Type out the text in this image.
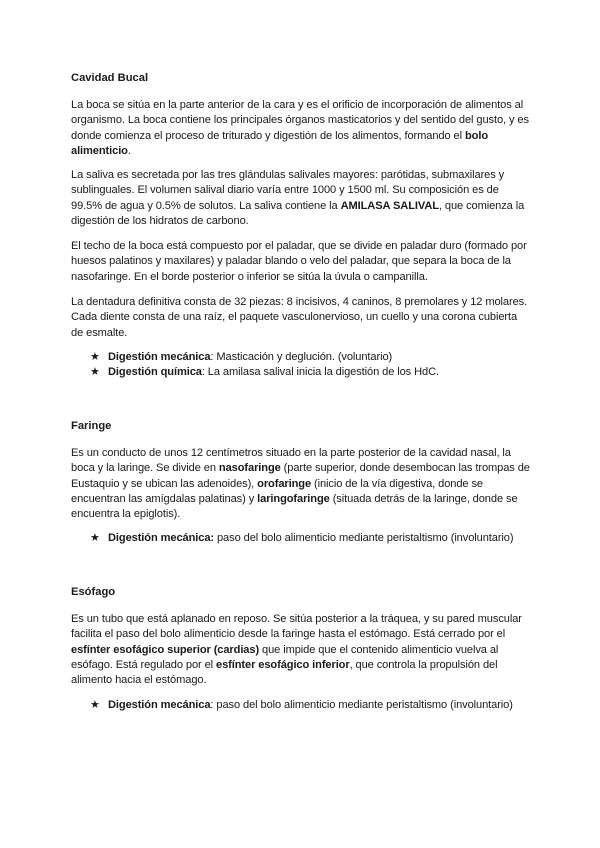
Cavidad Bucal

La boca se sitúa en la parte anterior de la cara y es el orificio de incorporación de alimentos al organismo. La boca contiene los principales órganos masticatorios y del sentido del gusto, y es donde comienza el proceso de triturado y digestión de los alimentos, formando el bolo alimenticio.

La saliva es secretada por las tres glándulas salivales mayores: parótidas, submaxilares y sublinguales. El volumen salival diario varía entre 1000 y 1500 ml. Su composición es de 99.5% de agua y 0.5% de solutos. La saliva contiene la AMILASA SALIVAL, que comienza la digestión de los hidratos de carbono.

El techo de la boca está compuesto por el paladar, que se divide en paladar duro (formado por huesos palatinos y maxilares) y paladar blando o velo del paladar, que separa la boca de la nasofaringe. En el borde posterior o inferior se sitúa la úvula o campanilla.

La dentadura definitiva consta de 32 piezas: 8 incisivos, 4 caninos, 8 premolares y 12 molares. Cada diente consta de una raíz, el paquete vasculonervioso, un cuello y una corona cubierta de esmalte.

★ Digestión mecánica: Masticación y deglución. (voluntario)
★ Digestión química: La amilasa salival inicia la digestión de los HdC.
Faringe

Es un conducto de unos 12 centímetros situado en la parte posterior de la cavidad nasal, la boca y la laringe. Se divide en nasofaringe (parte superior, donde desembocan las trompas de Eustaquio y se ubican las adenoides), orofaringe (inicio de la vía digestiva, donde se encuentran las amígdalas palatinas) y laringofaringe (situada detrás de la laringe, donde se encuentra la epiglotis).

★ Digestión mecánica: paso del bolo alimenticio mediante peristaltismo (involuntario)
Esófago

Es un tubo que está aplanado en reposo. Se sitúa posterior a la tráquea, y su pared muscular facilita el paso del bolo alimenticio desde la faringe hasta el estómago. Está cerrado por el esfínter esofágico superior (cardias) que impide que el contenido alimenticio vuelva al esófago. Está regulado por el esfínter esofágico inferior, que controla la propulsión del alimento hacia el estómago.

★ Digestión mecánica: paso del bolo alimenticio mediante peristaltismo (involuntario)
